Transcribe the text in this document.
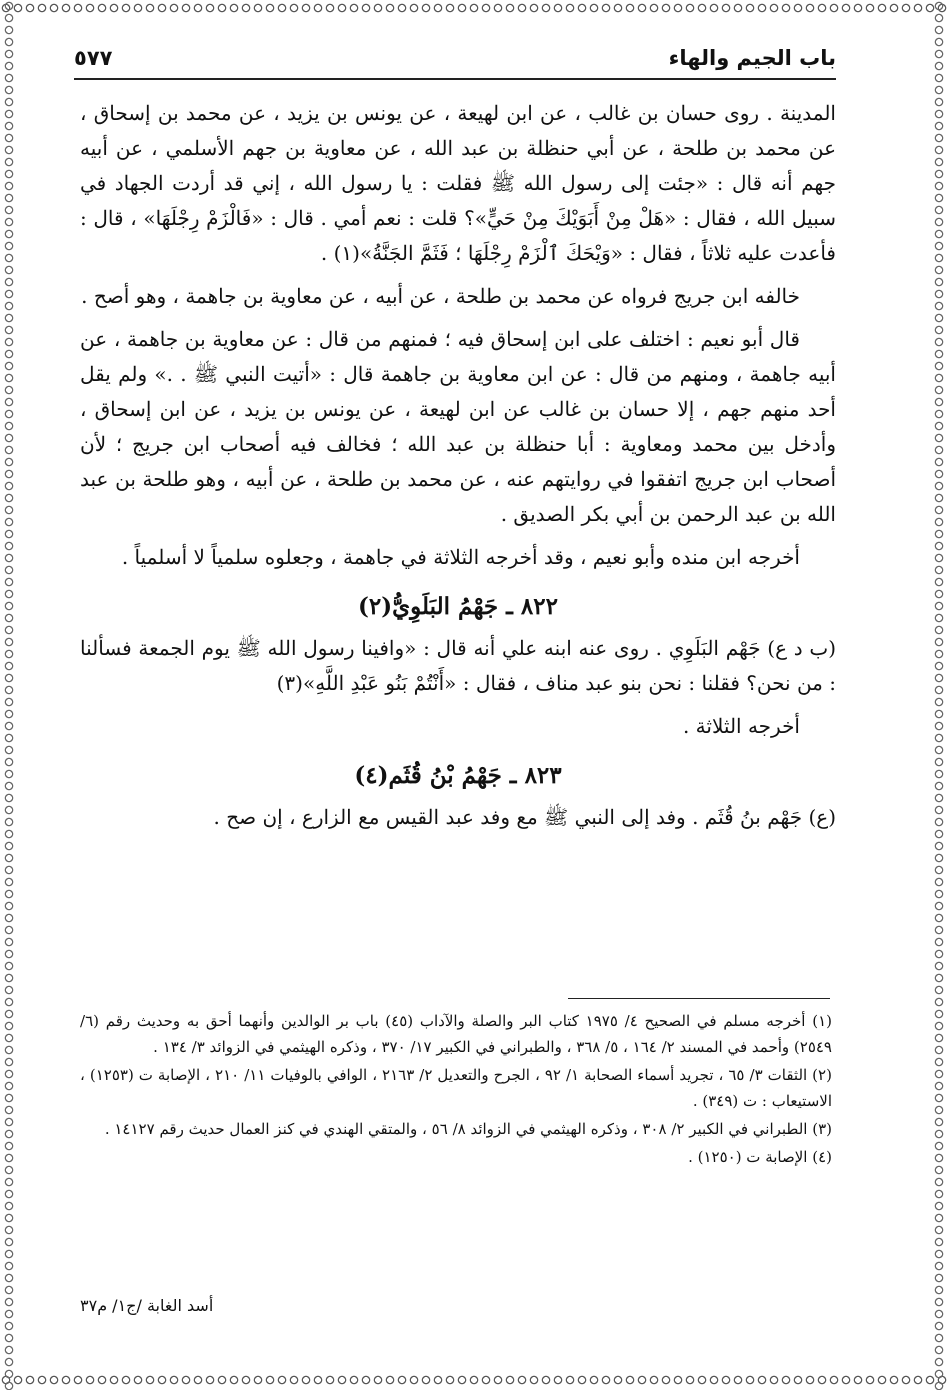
باب الجيم والهاء
٥٧٧

المدينة . روى حسان بن غالب ، عن ابن لهيعة ، عن يونس بن يزيد ، عن محمد بن إسحاق ، عن محمد بن طلحة ، عن أبي حنظلة بن عبد الله ، عن معاوية بن جهم الأسلمي ، عن أبيه جهم أنه قال : «جئت إلى رسول الله ﷺ فقلت : يا رسول الله ، إني قد أردت الجهاد في سبيل الله ، فقال : «هَلْ مِنْ أَبَوَيْكَ مِنْ حَيٍّ»؟ قلت : نعم أمي . قال : «فَالْزَمْ رِجْلَهَا» ، قال : فأعدت عليه ثلاثاً ، فقال : «وَيْحَكَ ٱلْزَمْ رِجْلَهَا ؛ فَثَمَّ الجَنَّةُ»(١) .

خالفه ابن جريج فرواه عن محمد بن طلحة ، عن أبيه ، عن معاوية بن جاهمة ، وهو أصح .

قال أبو نعيم : اختلف على ابن إسحاق فيه ؛ فمنهم من قال : عن معاوية بن جاهمة ، عن أبيه جاهمة ، ومنهم من قال : عن ابن معاوية بن جاهمة قال : «أتيت النبي ﷺ . .» ولم يقل أحد منهم جهم ، إلا حسان بن غالب عن ابن لهيعة ، عن يونس بن يزيد ، عن ابن إسحاق ، وأدخل بين محمد ومعاوية : أبا حنظلة بن عبد الله ؛ فخالف فيه أصحاب ابن جريج ؛ لأن أصحاب ابن جريج اتفقوا في روايتهم عنه ، عن محمد بن طلحة ، عن أبيه ، وهو طلحة بن عبد الله بن عبد الرحمن بن أبي بكر الصديق .

أخرجه ابن منده وأبو نعيم ، وقد أخرجه الثلاثة في جاهمة ، وجعلوه سلمياً لا أسلمياً .

٨٢٢ ـ جَهْمُ البَلَوِيُّ(٢)

(ب د ع) جَهْم البَلَوِي . روى عنه ابنه علي أنه قال : «وافينا رسول الله ﷺ يوم الجمعة فسألنا : من نحن؟ فقلنا : نحن بنو عبد مناف ، فقال : «أَنْتُمْ بَنُو عَبْدِ اللَّهِ»(٣)

أخرجه الثلاثة .

٨٢٣ ـ جَهْمُ بْنُ قُثَم(٤)

(ع) جَهْم بنُ قُثَم . وفد إلى النبي ﷺ مع وفد عبد القيس مع الزارع ، إن صح .

(١) أخرجه مسلم في الصحيح ٤/ ١٩٧٥ كتاب البر والصلة والآداب (٤٥) باب بر الوالدين وأنهما أحق به وحديث رقم (٦/ ٢٥٤٩) وأحمد في المسند ٢/ ١٦٤ ، ٥/ ٣٦٨ ، والطبراني في الكبير ١٧/ ٣٧٠ ، وذكره الهيثمي في الزوائد ٣/ ١٣٤ .

(٢) الثقات ٣/ ٦٥ ، تجريد أسماء الصحابة ١/ ٩٢ ، الجرح والتعديل ٢/ ٢١٦٣ ، الوافي بالوفيات ١١/ ٢١٠ ، الإصابة ت (١٢٥٣) ، الاستيعاب : ت (٣٤٩) .

(٣) الطبراني في الكبير ٢/ ٣٠٨ ، وذكره الهيثمي في الزوائد ٨/ ٥٦ ، والمتقي الهندي في كنز العمال حديث رقم ١٤١٢٧ .

(٤) الإصابة ت (١٢٥٠) .

أسد الغابة /ج١/ م٣٧
